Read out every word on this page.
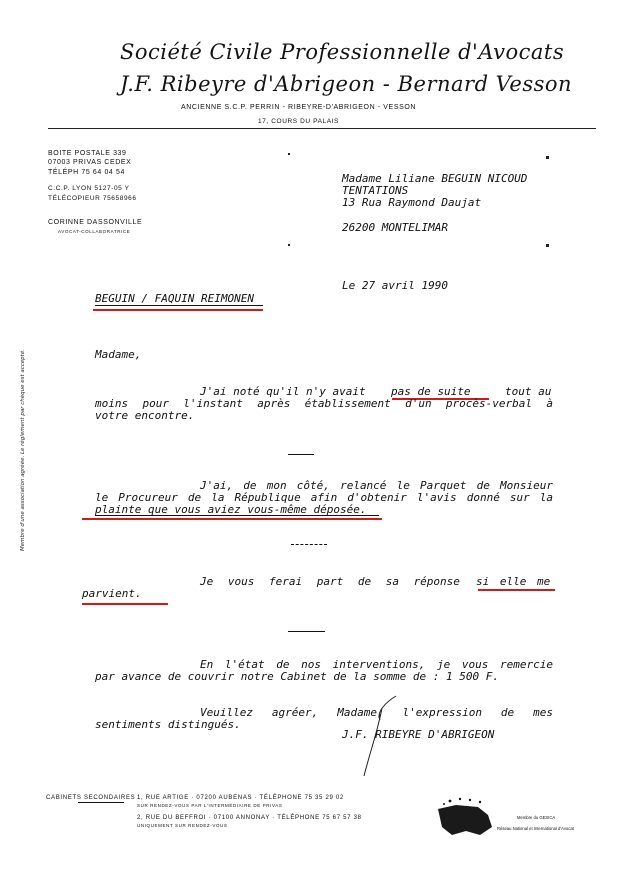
Société Civile Professionnelle d'Avocats
J.F. Ribeyre d'Abrigeon - Bernard Vesson
ANCIENNE S.C.P. PERRIN - RIBEYRE-D'ABRIGEON - VESSON
17, COURS DU PALAIS
BOITE POSTALE 339
07003 PRIVAS CEDEX
TÉLÉPH 75 64 04 54
C.C.P. LYON 5127-05 Y
TÉLÉCOPIEUR 75658966
CORINNE DASSONVILLE
AVOCAT-COLLABORATRICE
Madame Liliane BEGUIN NICOUD
TENTATIONS
13 Rua Raymond Daujat
26200 MONTELIMAR
Le 27 avril 1990
BEGUIN / FAQUIN REIMONEN
Madame,
J'ai noté qu'il n'y avait pas de suite	tout au
moins pour l'instant après établissement d'un procès-verbal à
votre encontre.
J'ai, de mon côté, relancé le Parquet de Monsieur
le Procureur de la République afin d'obtenir l'avis donné sur la
plainte que vous aviez vous-même déposée.
Je vous ferai part de sa réponse si elle me
parvient.
En l'état de nos interventions, je vous remercie
par avance de couvrir notre Cabinet de la somme de : 1 500 F.
Veuillez agréer, Madame, l'expression de mes
sentiments distingués.
J.F. RIBEYRE D'ABRIGEON
Membre d'une association agréée. Le règlement par chèque est accepté.
CABINETS SECONDAIRES :
1, RUE ARTIGE · 07200 AUBENAS · TÉLÉPHONE 75 35 29 02
SUR RENDEZ-VOUS PAR L'INTERMÉDIAIRE DE PRIVAS
2, RUE DU BEFFROI · 07100 ANNONAY · TÉLÉPHONE 75 67 57 38
UNIQUEMENT SUR RENDEZ-VOUS
Membre du GESICA
Réseau National et International d'Avocat
